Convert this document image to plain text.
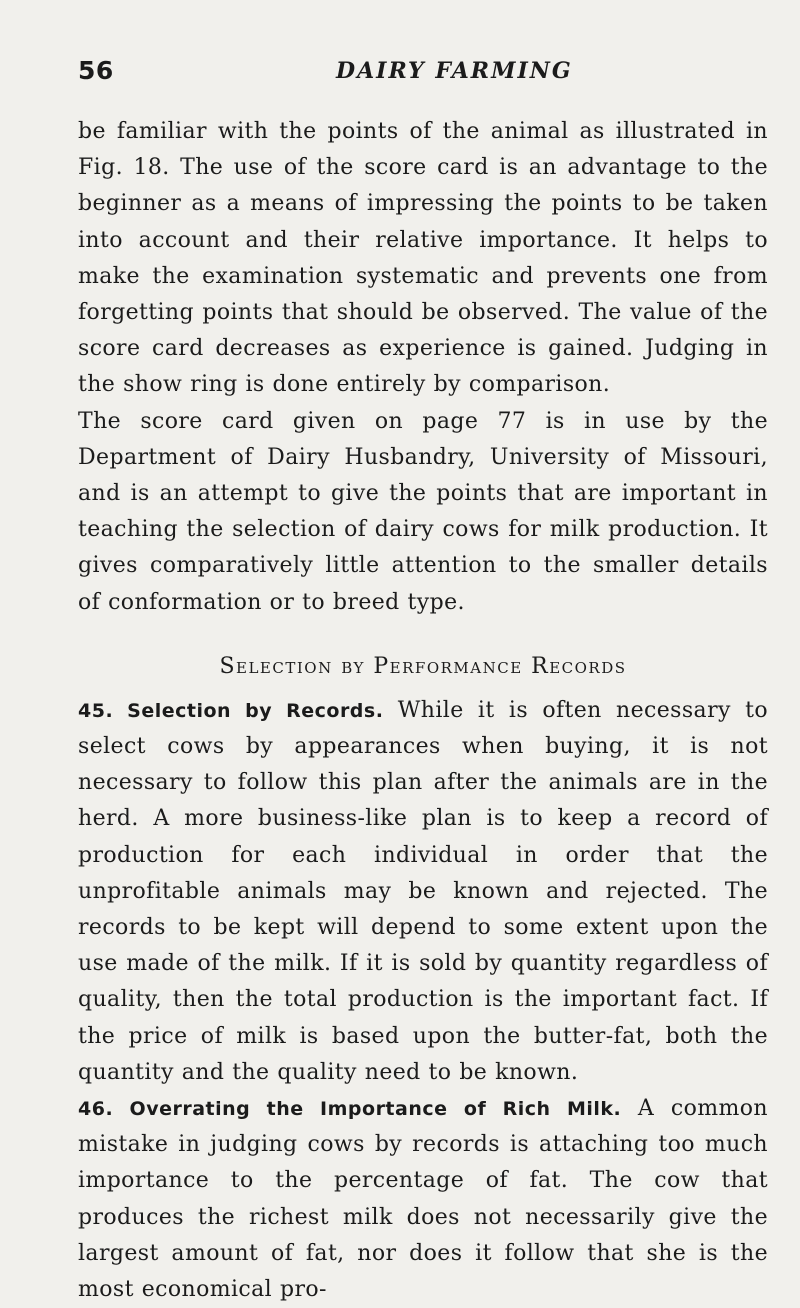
56	DAIRY FARMING

be familiar with the points of the animal as illustrated in Fig. 18. The use of the score card is an advantage to the beginner as a means of impressing the points to be taken into account and their relative importance. It helps to make the examination systematic and prevents one from forgetting points that should be observed. The value of the score card decreases as experience is gained. Judging in the show ring is done entirely by comparison.

The score card given on page 77 is in use by the Department of Dairy Husbandry, University of Missouri, and is an attempt to give the points that are important in teaching the selection of dairy cows for milk production. It gives comparatively little attention to the smaller details of conformation or to breed type.

Selection by Performance Records

45. Selection by Records. While it is often necessary to select cows by appearances when buying, it is not necessary to follow this plan after the animals are in the herd. A more business-like plan is to keep a record of production for each individual in order that the unprofitable animals may be known and rejected. The records to be kept will depend to some extent upon the use made of the milk. If it is sold by quantity regardless of quality, then the total production is the important fact. If the price of milk is based upon the butter-fat, both the quantity and the quality need to be known.

46. Overrating the Importance of Rich Milk. A common mistake in judging cows by records is attaching too much importance to the percentage of fat. The cow that produces the richest milk does not necessarily give the largest amount of fat, nor does it follow that she is the most economical pro-
